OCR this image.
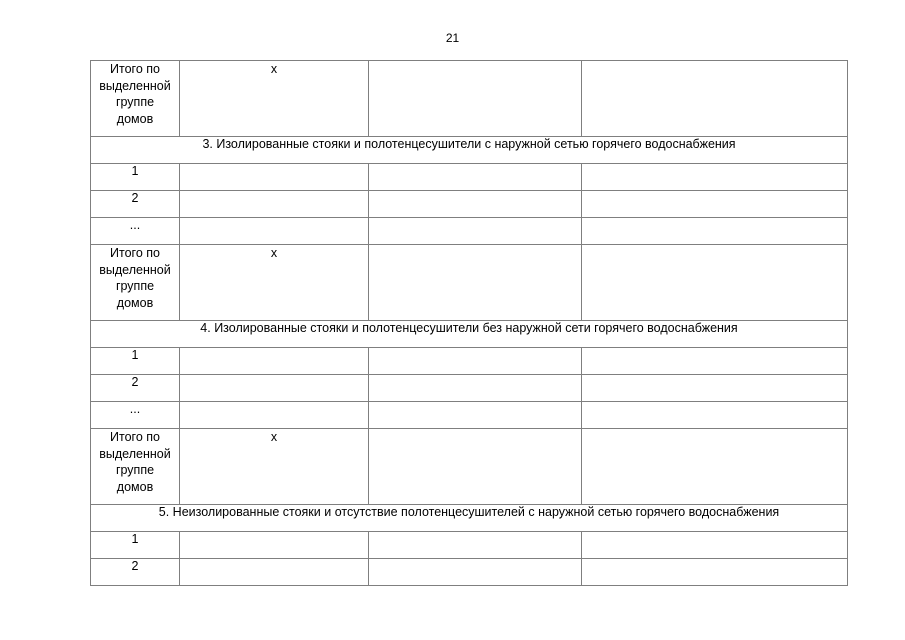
21
Итого по
выделенной
группе
домов	x		
3. Изолированные стояки и полотенцесушители с наружной сетью горячего водоснабжения			
1			
2			
...			

Итого по
выделенной
группе
домов	x		
4. Изолированные стояки и полотенцесушители без наружной сети горячего водоснабжения			
1			
2			
...			

Итого по
выделенной
группе
домов	x		
5. Неизолированные стояки и отсутствие полотенцесушителей с наружной сетью горячего водоснабжения			
1			
2			
